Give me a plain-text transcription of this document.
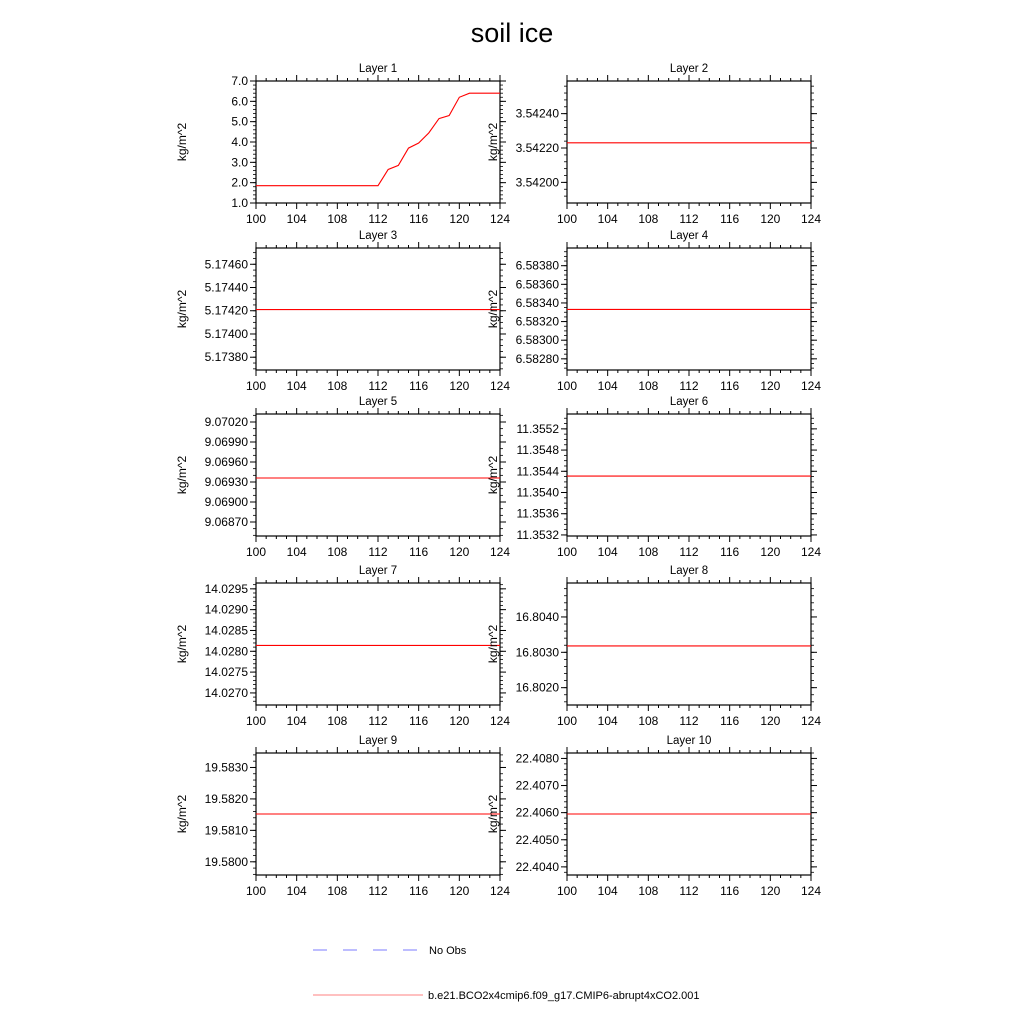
soil ice
Layer 1
100 104 108 112 116 120 124
1.0
2.0
3.0
4.0
5.0
6.0
7.0
kg/m^2
Layer 2
100 104 108 112 116 120 124
3.54200
3.54220
3.54240
kg/m^2
Layer 3
100 104 108 112 116 120 124
5.17380
5.17400
5.17420
5.17440
5.17460
kg/m^2
Layer 4
100 104 108 112 116 120 124
6.58280
6.58300
6.58320
6.58340
6.58360
6.58380
kg/m^2
Layer 5
100 104 108 112 116 120 124
9.06870
9.06900
9.06930
9.06960
9.06990
9.07020
kg/m^2
Layer 6
100 104 108 112 116 120 124
11.3532
11.3536
11.3540
11.3544
11.3548
11.3552
kg/m^2
Layer 7
100 104 108 112 116 120 124
14.0270
14.0275
14.0280
14.0285
14.0290
14.0295
kg/m^2
Layer 8
100 104 108 112 116 120 124
16.8020
16.8030
16.8040
kg/m^2
Layer 9
100 104 108 112 116 120 124
19.5800
19.5810
19.5820
19.5830
kg/m^2
Layer 10
100 104 108 112 116 120 124
22.4040
22.4050
22.4060
22.4070
22.4080
kg/m^2
No Obs
b.e21.BCO2x4cmip6.f09_g17.CMIP6-abrupt4xCO2.001
